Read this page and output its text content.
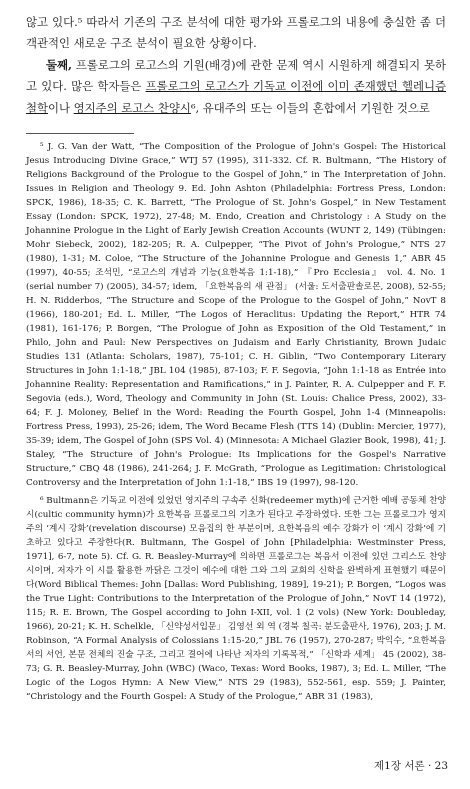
않고 있다.⁵ 따라서 기존의 구조 분석에 대한 평가와 프롤로그의 내용에 충실한 좀 더 객관적인 새로운 구조 분석이 필요한 상황이다.

둘째, 프롤로그의 로고스의 기원(배경)에 관한 문제 역시 시원하게 해결되지 못하고 있다. 많은 학자들은 프롤로그의 로고스가 기독교 이전에 이미 존재했던 헬레니즘 철학이나 영지주의 로고스 찬양시⁶, 유대주의 또는 이들의 혼합에서 기원한 것으로

⁵ J. G. Van der Watt, “The Composition of the Prologue of John's Gospel: The Historical Jesus Introducing Divine Grace,” WTJ 57 (1995), 311-332. Cf. R. Bultmann, “The History of Religions Background of the Prologue to the Gospel of John,” in The Interpretation of John. Issues in Religion and Theology 9. Ed. John Ashton (Philadelphia: Fortress Press, London: SPCK, 1986), 18-35; C. K. Barrett, “The Prologue of St. John's Gospel,” in New Testament Essay (London: SPCK, 1972), 27-48; M. Endo, Creation and Christology : A Study on the Johannine Prologue in the Light of Early Jewish Creation Accounts (WUNT 2, 149) (Tübingen: Mohr Siebeck, 2002), 182-205; R. A. Culpepper, “The Pivot of John's Prologue,” NTS 27 (1980), 1-31; M. Coloe, “The Structure of the Johannine Prologue and Genesis 1,” ABR 45 (1997), 40-55; 조석민, “로고스의 개념과 기능(요한복음 1:1-18),” 『Pro Ecclesia』 vol. 4. No. 1 (serial number 7) (2005), 34-57; idem, 「요한복음의 새 관점」 (서울: 도서출판솔로몬, 2008), 52-55; H. N. Ridderbos, “The Structure and Scope of the Prologue to the Gospel of John,” NovT 8 (1966), 180-201; Ed. L. Miller, “The Logos of Heraclitus: Updating the Report,” HTR 74 (1981), 161-176; P. Borgen, “The Prologue of John as Exposition of the Old Testament,” in Philo, John and Paul: New Perspectives on Judaism and Early Christianity, Brown Judaic Studies 131 (Atlanta: Scholars, 1987), 75-101; C. H. Giblin, “Two Contemporary Literary Structures in John 1:1-18,” JBL 104 (1985), 87-103; F. F. Segovia, “John 1:1-18 as Entrée into Johannine Reality: Representation and Ramifications,” in J. Painter, R. A. Culpepper and F. F. Segovia (eds.), Word, Theology and Community in John (St. Louis: Chalice Press, 2002), 33-64; F. J. Moloney, Belief in the Word: Reading the Fourth Gospel, John 1-4 (Minneapolis: Fortress Press, 1993), 25-26; idem, The Word Became Flesh (TTS 14) (Dublin: Mercier, 1977), 35-39; idem, The Gospel of John (SPS Vol. 4) (Minnesota: A Michael Glazier Book, 1998), 41; J. Staley, “The Structure of John's Prologue: Its Implications for the Gospel's Narrative Structure,” CBQ 48 (1986), 241-264; J. F. McGrath, “Prologue as Legitimation: Christological Controversy and the Interpretation of John 1:1-18,” IBS 19 (1997), 98-120.

⁶ Bultmann은 기독교 이전에 있었던 영지주의 구속주 신화(redeemer myth)에 근거한 예배 공동체 찬양시(cultic community hymn)가 요한복음 프롤로그의 기초가 된다고 주장하였다. 또한 그는 프롤로그가 영지주의 ‘계시 강화’(revelation discourse) 모음집의 한 부분이며, 요한복음의 예수 강화가 이 ‘계시 강화’에 기초하고 있다고 주장한다(R. Bultmann, The Gospel of John [Philadelphia: Westminster Press, 1971], 6-7, note 5). Cf. G. R. Beasley-Murray에 의하면 프롤로그는 복음서 이전에 있던 그리스도 찬양시이며, 저자가 이 시를 활용한 까닭은 그것이 예수에 대한 그와 그의 교회의 신학을 완벽하게 표현했기 때문이다(Word Biblical Themes: John [Dallas: Word Publishing, 1989], 19-21); P. Borgen, “Logos was the True Light: Contributions to the Interpretation of the Prologue of John,” NovT 14 (1972), 115; R. E. Brown, The Gospel according to John I-XII, vol. 1 (2 vols) (New York: Doubleday, 1966), 20-21; K. H. Schelkle, 「신약성서입문」 김영선 외 역 (경북 칠곡: 분도출판사, 1976), 203; J. M. Robinson, “A Formal Analysis of Colossians 1:15-20,” JBL 76 (1957), 270-287; 박익수, “요한복음서의 서언, 본문 전체의 진술 구조, 그리고 결어에 나타난 저자의 기록목적,” 「신학과 세계」 45 (2002), 38-73; G. R. Beasley-Murray, John (WBC) (Waco, Texas: Word Books, 1987), 3; Ed. L. Miller, “The Logic of the Logos Hymn: A New View,” NTS 29 (1983), 552-561, esp. 559; J. Painter, “Christology and the Fourth Gospel: A Study of the Prologue,” ABR 31 (1983),

제1장 서론 · 23
